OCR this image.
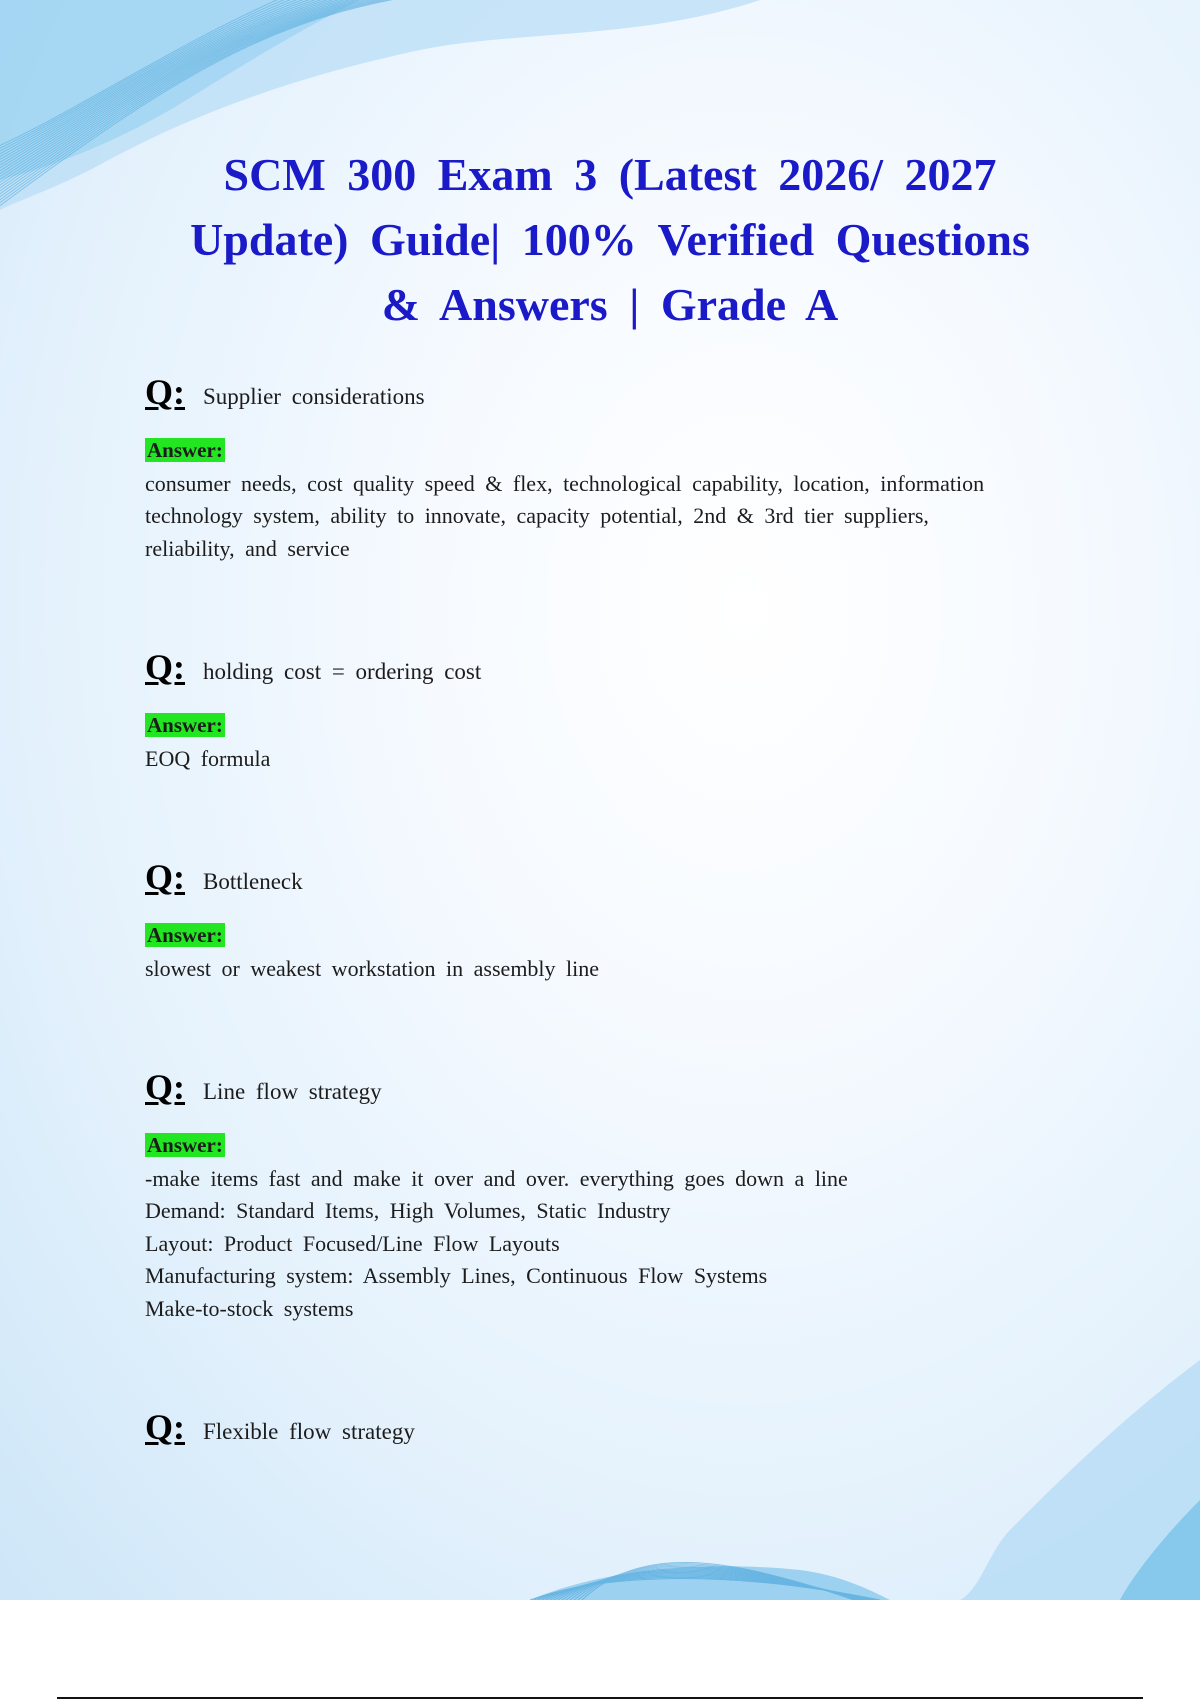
SCM 300 Exam 3 (Latest 2026/ 2027
Update) Guide| 100% Verified Questions
& Answers | Grade A
Q: Supplier considerations
Answer:
consumer needs, cost quality speed & flex, technological capability, location, information
technology system, ability to innovate, capacity potential, 2nd & 3rd tier suppliers,
reliability, and service
Q: holding cost = ordering cost
Answer:
EOQ formula
Q: Bottleneck
Answer:
slowest or weakest workstation in assembly line
Q: Line flow strategy
Answer:
-make items fast and make it over and over. everything goes down a line
Demand: Standard Items, High Volumes, Static Industry
Layout: Product Focused/Line Flow Layouts
Manufacturing system: Assembly Lines, Continuous Flow Systems
Make-to-stock systems
Q: Flexible flow strategy
